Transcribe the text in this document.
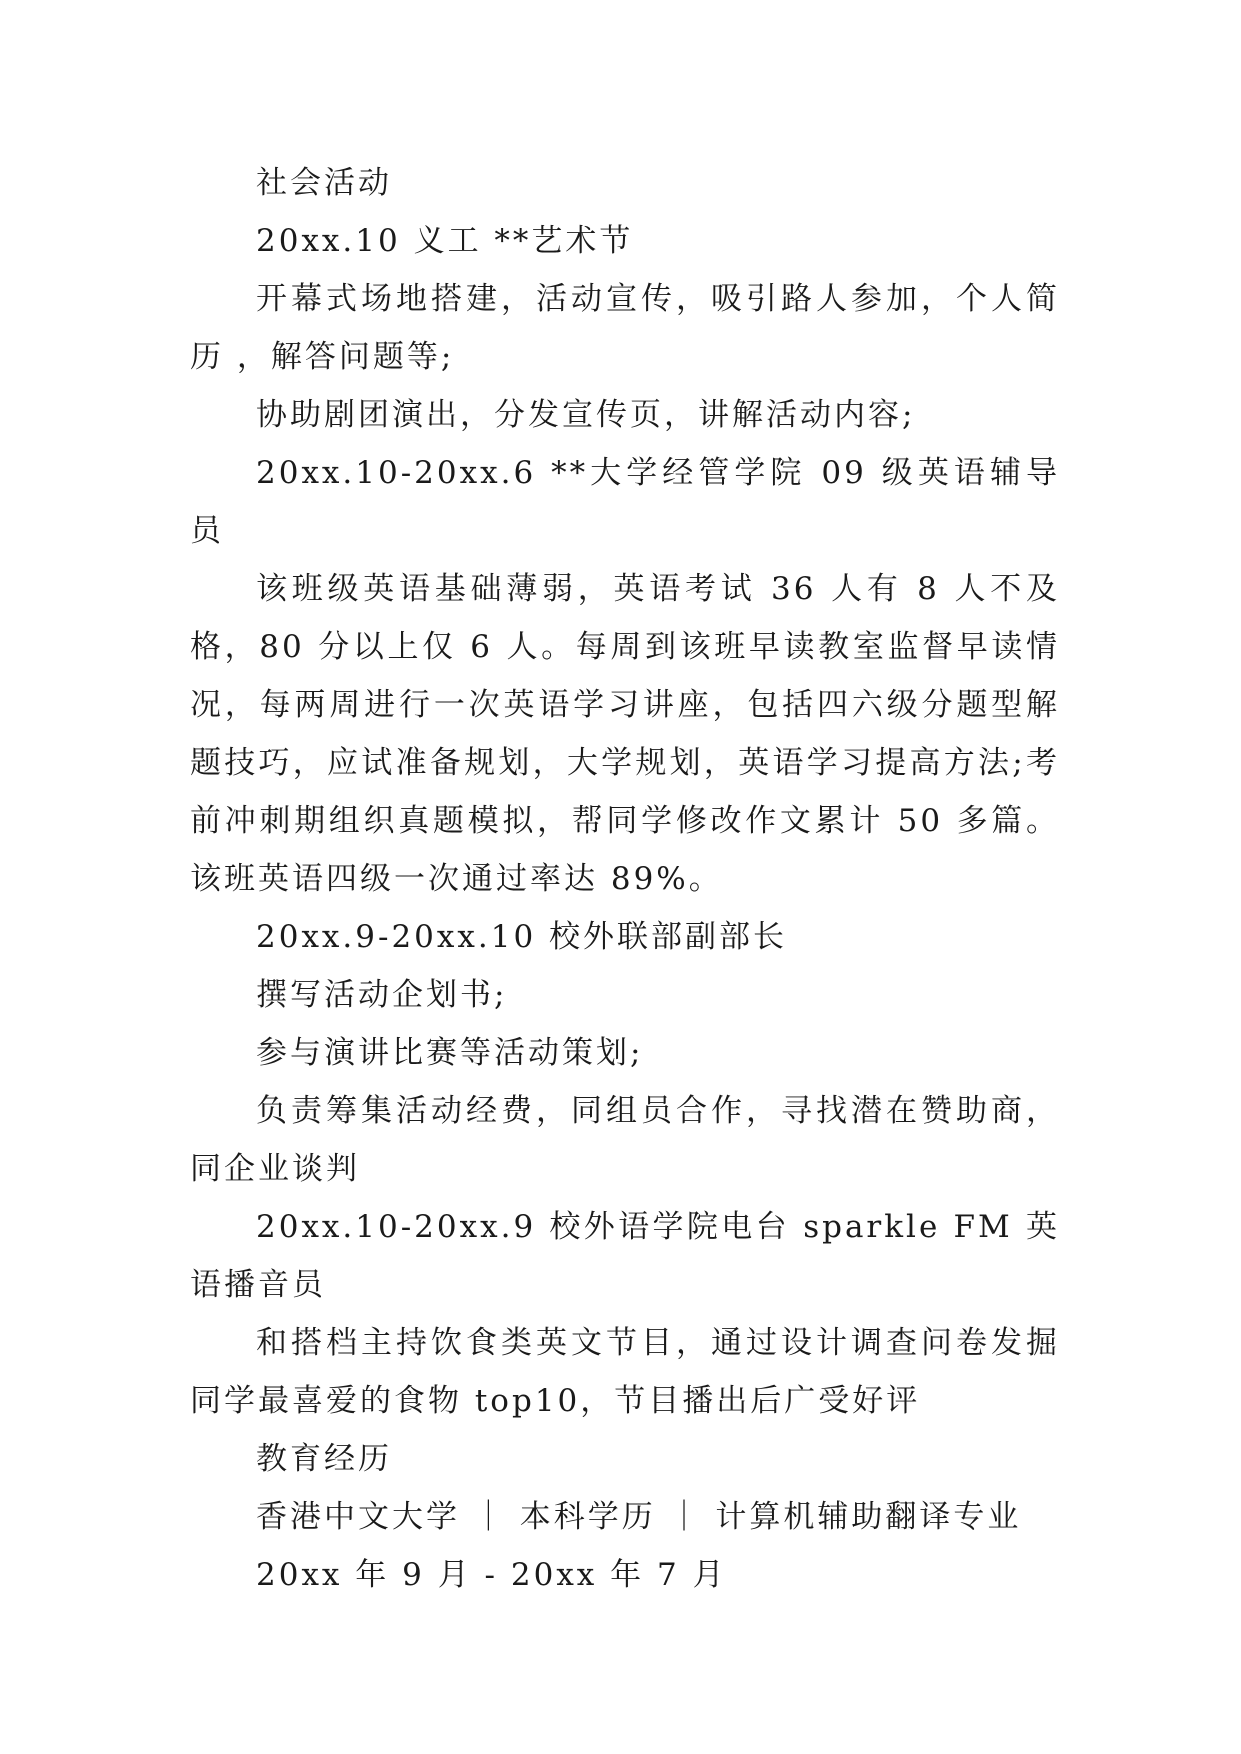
社会活动

20xx.10 义工 **艺术节

开幕式场地搭建，活动宣传，吸引路人参加，个人简历 ，解答问题等;

协助剧团演出，分发宣传页，讲解活动内容;

20xx.10-20xx.6 **大学经管学院 09 级英语辅导员

该班级英语基础薄弱，英语考试 36 人有 8 人不及格，80 分以上仅 6 人。每周到该班早读教室监督早读情况，每两周进行一次英语学习讲座，包括四六级分题型解题技巧，应试准备规划，大学规划，英语学习提高方法;考前冲刺期组织真题模拟，帮同学修改作文累计 50 多篇。该班英语四级一次通过率达 89%。

20xx.9-20xx.10 校外联部副部长

撰写活动企划书;

参与演讲比赛等活动策划;

负责筹集活动经费，同组员合作，寻找潜在赞助商，同企业谈判

20xx.10-20xx.9 校外语学院电台 sparkle FM 英语播音员

和搭档主持饮食类英文节目，通过设计调查问卷发掘同学最喜爱的食物 top10，节目播出后广受好评

教育经历

香港中文大学 ｜ 本科学历 ｜ 计算机辅助翻译专业

20xx 年 9 月 - 20xx 年 7 月
